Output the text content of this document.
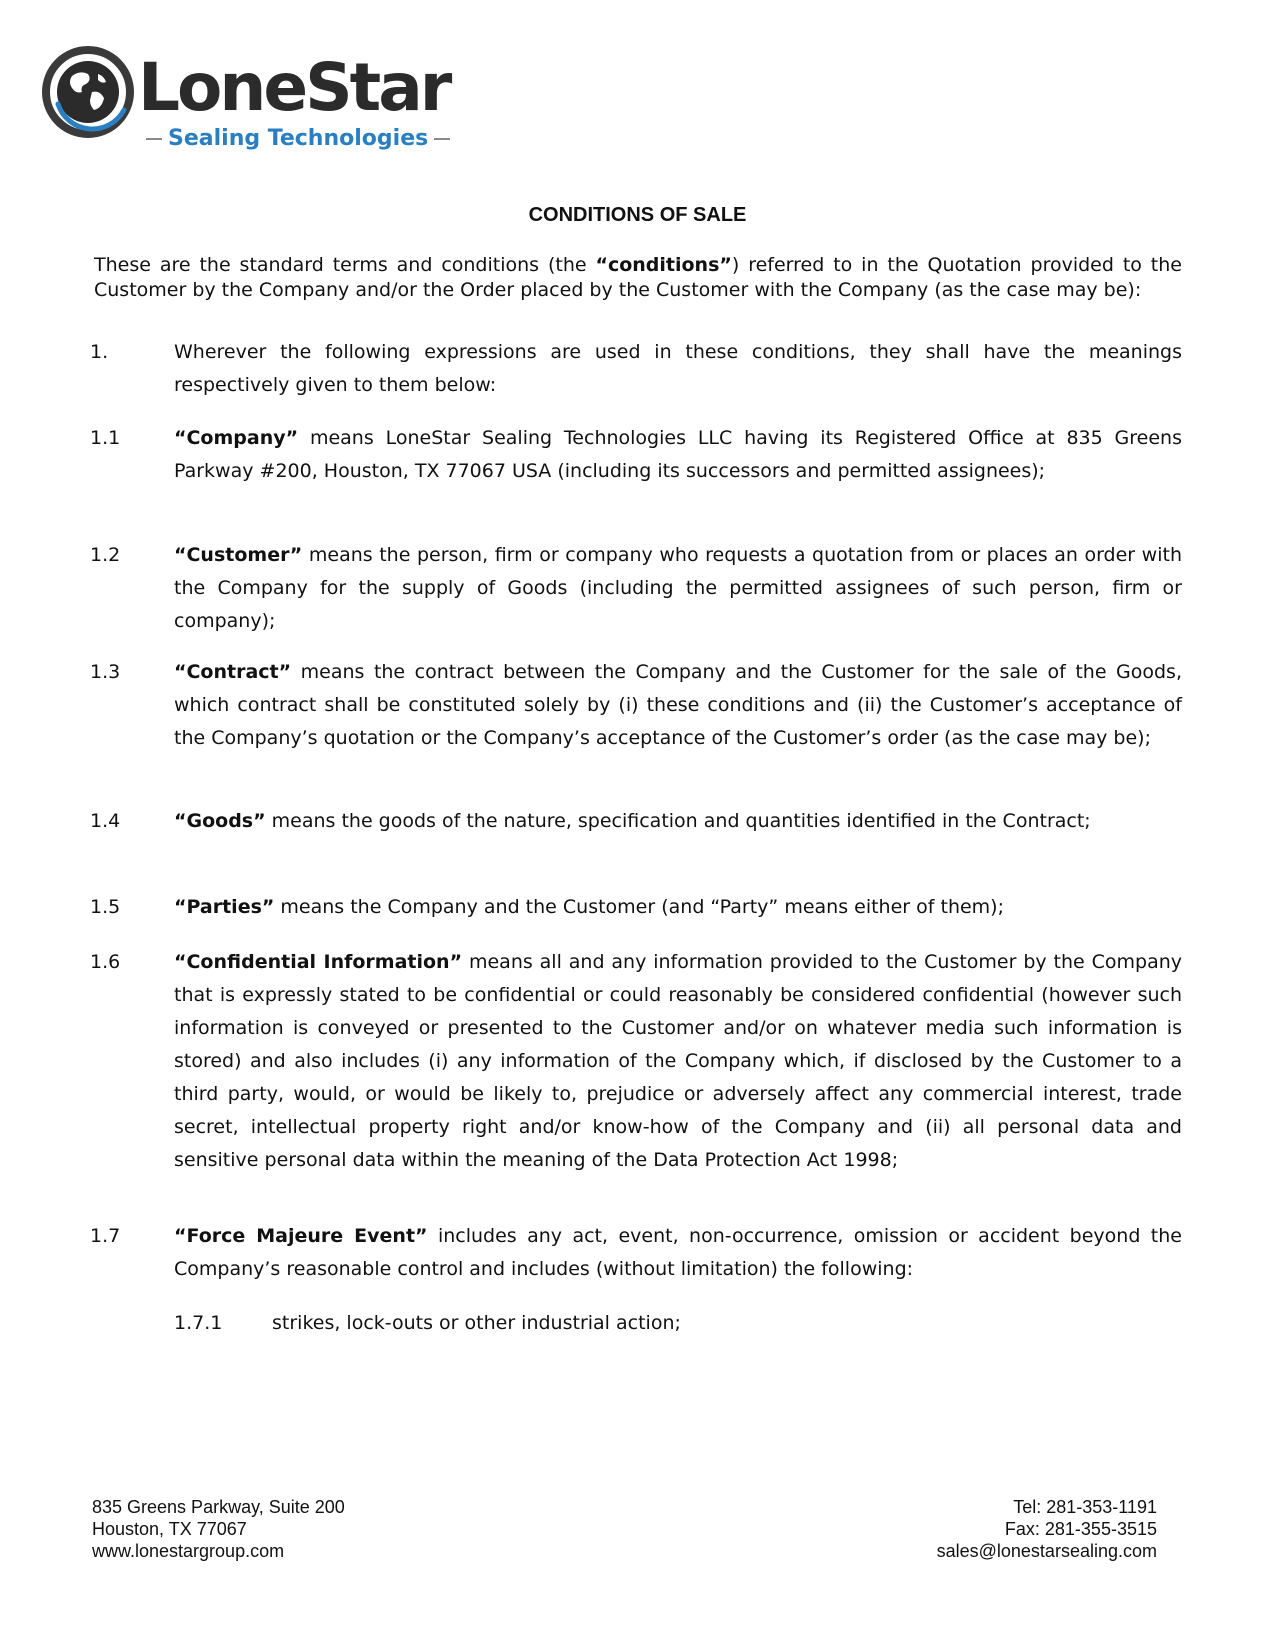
LoneStar
Sealing Technologies
CONDITIONS OF SALE

These are the standard terms and conditions (the “conditions”) referred to in the Quotation provided to the Customer by the Company and/or the Order placed by the Customer with the Company (as the case may be):

1.	Wherever the following expressions are used in these conditions, they shall have the meanings respectively given to them below:
1.1	“Company” means LoneStar Sealing Technologies LLC having its Registered Office at 835 Greens Parkway #200, Houston, TX 77067 USA (including its successors and permitted assignees);
1.2	“Customer” means the person, firm or company who requests a quotation from or places an order with the Company for the supply of Goods (including the permitted assignees of such person, firm or company);
1.3	“Contract” means the contract between the Company and the Customer for the sale of the Goods, which contract shall be constituted solely by (i) these conditions and (ii) the Customer’s acceptance of the Company’s quotation or the Company’s acceptance of the Customer’s order (as the case may be);
1.4	“Goods” means the goods of the nature, specification and quantities identified in the Contract;
1.5	“Parties” means the Company and the Customer (and “Party” means either of them);
1.6	“Confidential Information” means all and any information provided to the Customer by the Company that is expressly stated to be confidential or could reasonably be considered confidential (however such information is conveyed or presented to the Customer and/or on whatever media such information is stored) and also includes (i) any information of the Company which, if disclosed by the Customer to a third party, would, or would be likely to, prejudice or adversely affect any commercial interest, trade secret, intellectual property right and/or know-how of the Company and (ii) all personal data and sensitive personal data within the meaning of the Data Protection Act 1998;
1.7	“Force Majeure Event” includes any act, event, non-occurrence, omission or accident beyond the Company’s reasonable control and includes (without limitation) the following:
1.7.1	strikes, lock-outs or other industrial action;
835 Greens Parkway, Suite 200
Houston, TX 77067
www.lonestargroup.com
Tel: 281-353-1191
Fax: 281-355-3515
sales@lonestarsealing.com
